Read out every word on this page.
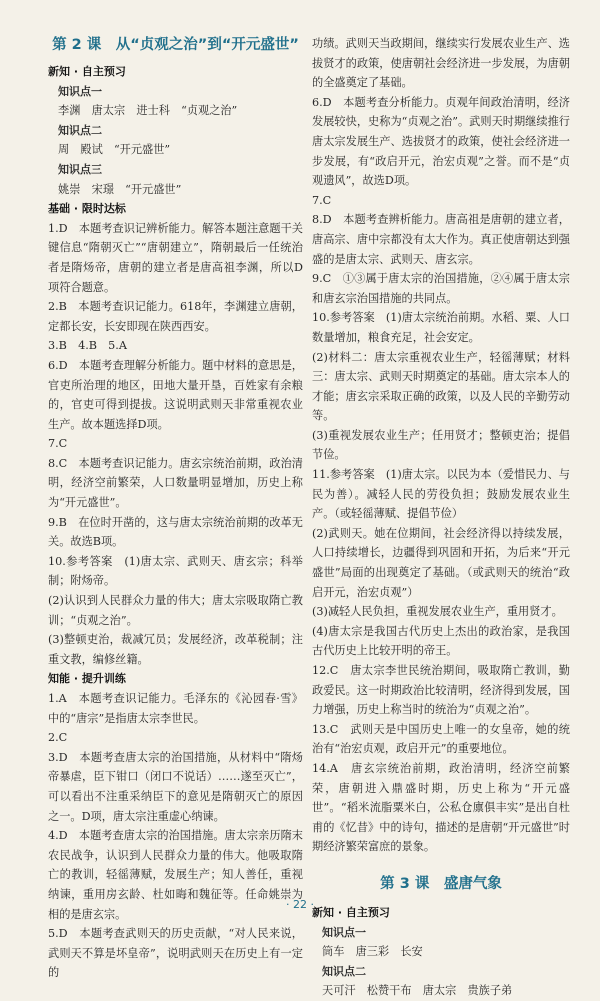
第 2 课　从“贞观之治”到“开元盛世”
新知 · 自主预习
知识点一
李渊　唐太宗　进士科　“贞观之治”
知识点二
周　殿试　“开元盛世”
知识点三
姚崇　宋璟　“开元盛世”
基础 · 限时达标

1.D　本题考查识记辨析能力。解答本题注意题干关键信息“隋朝灭亡”“唐朝建立”，隋朝最后一任统治者是隋炀帝，唐朝的建立者是唐高祖李渊，所以D项符合题意。

2.B　本题考查识记能力。618年，李渊建立唐朝，定都长安，长安即现在陕西西安。

3.B　4.B　5.A

6.D　本题考查理解分析能力。题中材料的意思是，官吏所治理的地区，田地大量开垦，百姓家有余粮的，官吏可得到提拔。这说明武则天非常重视农业生产。故本题选择D项。

7.C

8.C　本题考查识记能力。唐玄宗统治前期，政治清明，经济空前繁荣，人口数量明显增加，历史上称为“开元盛世”。

9.B　在位时开凿的，这与唐太宗统治前期的改革无关。故选B项。

10.参考答案　(1)唐太宗、武则天、唐玄宗；科举制；附炀帝。

(2)认识到人民群众力量的伟大；唐太宗吸取隋亡教训；“贞观之治”。

(3)整顿吏治，裁减冗员；发展经济，改革税制；注重文教，编修丝籍。

知能 · 提升训练

1.A　本题考查识记能力。毛泽东的《沁园春·雪》中的“唐宗”是指唐太宗李世民。

2.C

3.D　本题考查唐太宗的治国措施，从材料中“隋炀帝暴虐，臣下钳口（闭口不说话）……遂至灭亡”，可以看出不注重采纳臣下的意见是隋朝灭亡的原因之一。D项，唐太宗注重虚心纳谏。

4.D　本题考查唐太宗的治国措施。唐太宗亲历隋末农民战争，认识到人民群众力量的伟大。他吸取隋亡的教训，轻徭薄赋，发展生产；知人善任，重视纳谏，重用房玄龄、杜如晦和魏征等。任命姚崇为相的是唐玄宗。

5.D　本题考查武则天的历史贡献，“对人民来说，武则天不算是坏皇帝”，说明武则天在历史上有一定的

功绩。武则天当政期间，继续实行发展农业生产、选拔贤才的政策，使唐朝社会经济进一步发展，为唐朝的全盛奠定了基础。

6.D　本题考查分析能力。贞观年间政治清明，经济发展较快，史称为“贞观之治”。武则天时期继续推行唐太宗发展生产、选拔贤才的政策，使社会经济进一步发展，有“政启开元，治宏贞观”之誉。而不是“贞观遗风”，故选D项。

7.C

8.D　本题考查辨析能力。唐高祖是唐朝的建立者，唐高宗、唐中宗都没有太大作为。真正使唐朝达到强盛的是唐太宗、武则天、唐玄宗。

9.C　①③属于唐太宗的治国措施，②④属于唐太宗和唐玄宗治国措施的共同点。

10.参考答案　(1)唐太宗统治前期。水稻、粟、人口数量增加，粮食充足，社会安定。

(2)材料二：唐太宗重视农业生产，轻徭薄赋；材料三：唐太宗、武则天时期奠定的基础。唐太宗本人的才能；唐玄宗采取正确的政策，以及人民的辛勤劳动等。

(3)重视发展农业生产；任用贤才；整顿吏治；提倡节俭。

11.参考答案　(1)唐太宗。以民为本（爱惜民力、与民为善）。减轻人民的劳役负担；鼓励发展农业生产。（或轻徭薄赋、提倡节俭）

(2)武则天。她在位期间，社会经济得以持续发展，人口持续增长，边疆得到巩固和开拓，为后来“开元盛世”局面的出现奠定了基础。（或武则天的统治“政启开元，治宏贞观”）

(3)减轻人民负担，重视发展农业生产，重用贤才。

(4)唐太宗是我国古代历史上杰出的政治家，是我国古代历史上比较开明的帝王。

12.C　唐太宗李世民统治期间，吸取隋亡教训，勤政爱民。这一时期政治比较清明，经济得到发展，国力增强，历史上称当时的统治为“贞观之治”。

13.C　武则天是中国历史上唯一的女皇帝，她的统治有“治宏贞观，政启开元”的重要地位。

14.A　唐玄宗统治前期，政治清明，经济空前繁荣，唐朝进入鼎盛时期，历史上称为“开元盛世”。“稻米流脂粟米白，公私仓廪俱丰实”是出自杜甫的《忆昔》中的诗句，描述的是唐朝“开元盛世”时期经济繁荣富庶的景象。

第 3 课　盛唐气象
新知 · 自主预习
知识点一
筒车　唐三彩　长安
知识点二
天可汗　松赞干布　唐太宗　贵族子弟
· 22 ·
